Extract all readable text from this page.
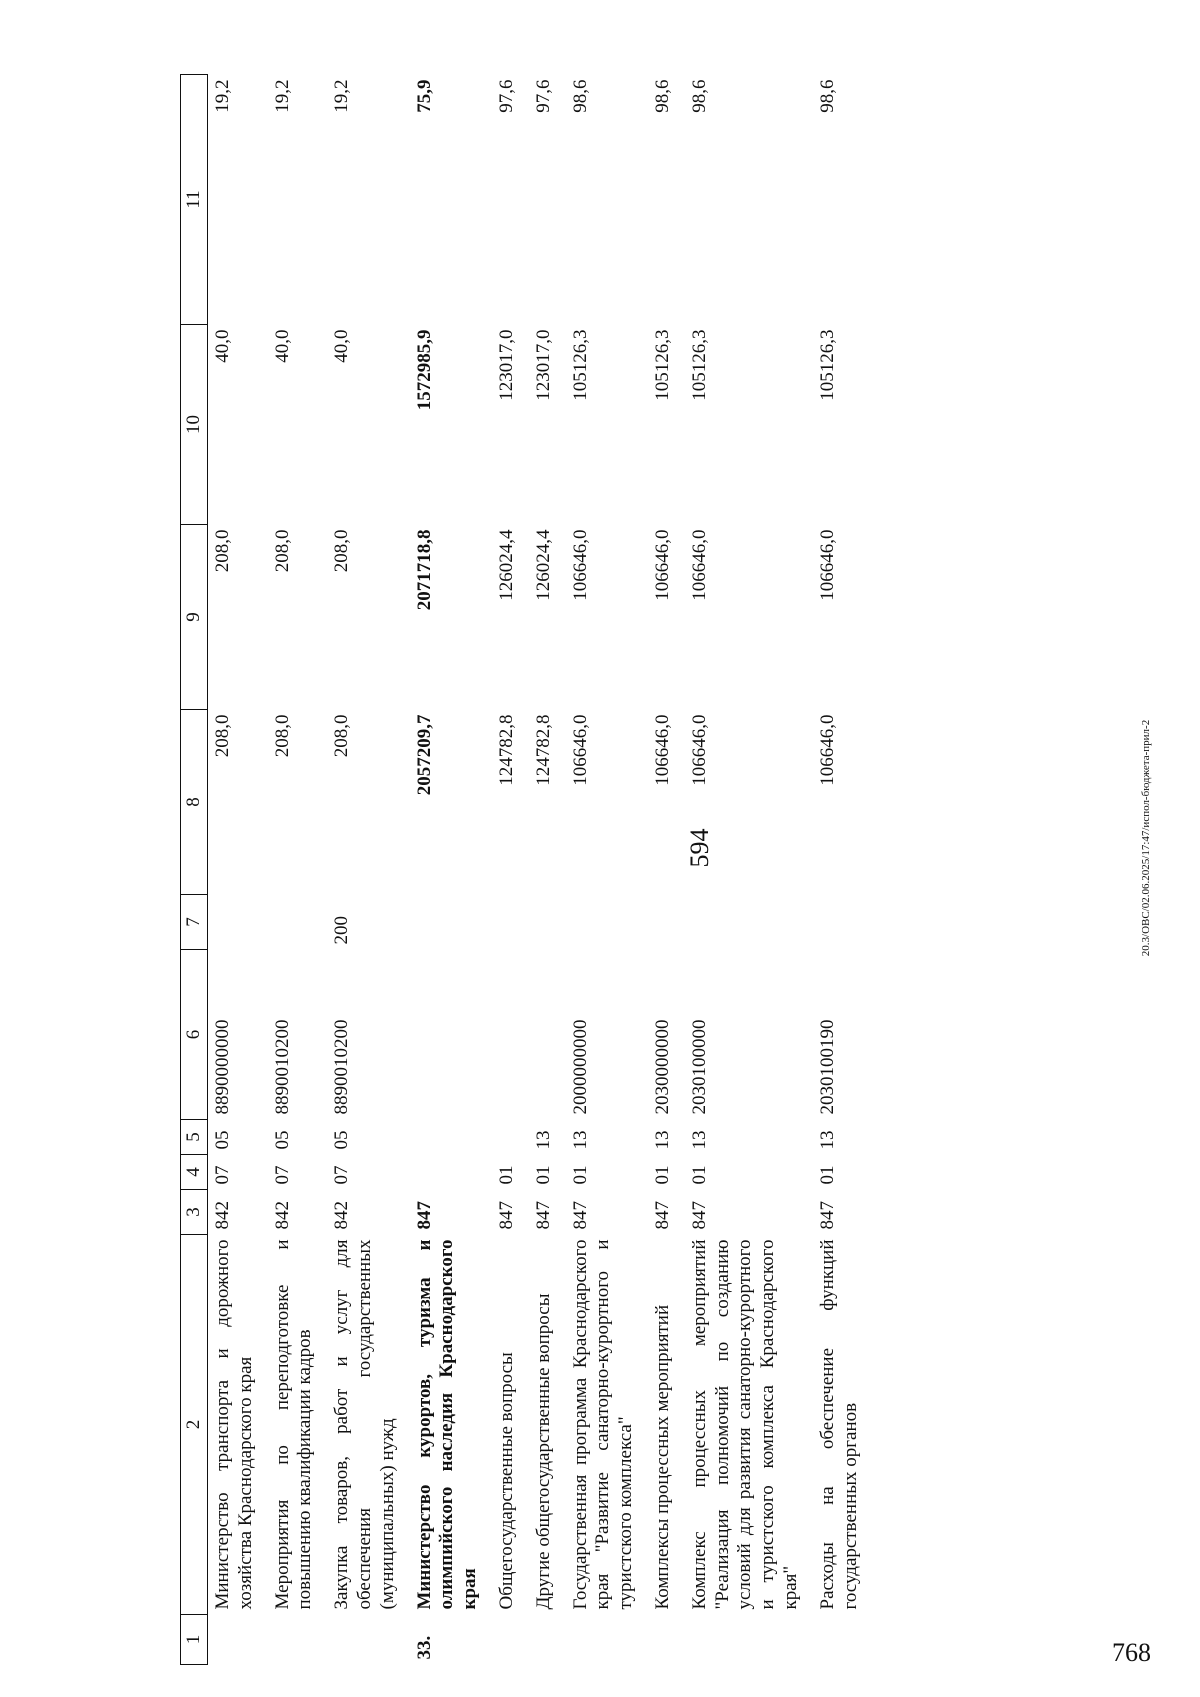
594
1	2	3	4	5	6	7	8	9	10	11
	Министерство транспорта и дорожного хозяйства Краснодарского края	842	07	05	8890000000		208,0	208,0	40,0	19,2
	Мероприятия по переподготовке и повышению квалификации кадров	842	07	05	8890010200		208,0	208,0	40,0	19,2
	Закупка товаров, работ и услуг для обеспечения государственных (муниципальных) нужд	842	07	05	8890010200	200	208,0	208,0	40,0	19,2
33.	Министерство курортов, туризма и олимпийского наследия Краснодарского края	847					2057209,7	2071718,8	1572985,9	75,9
	Общегосударственные вопросы	847	01				124782,8	126024,4	123017,0	97,6
	Другие общегосударственные вопросы	847	01	13			124782,8	126024,4	123017,0	97,6
	Государственная программа Краснодарского края "Развитие санаторно-курортного и туристского комплекса"	847	01	13	2000000000		106646,0	106646,0	105126,3	98,6
	Комплексы процессных мероприятий	847	01	13	2030000000		106646,0	106646,0	105126,3	98,6
	Комплекс процессных мероприятий "Реализация полномочий по созданию условий для развития санаторно-курортного и туристского комплекса Краснодарского края"	847	01	13	2030100000		106646,0	106646,0	105126,3	98,6
	Расходы на обеспечение функций государственных органов	847	01	13	2030100190		106646,0	106646,0	105126,3	98,6
20.3/ОВС/02.06.2025/17:47/испол-бюджета-прил-2
768
